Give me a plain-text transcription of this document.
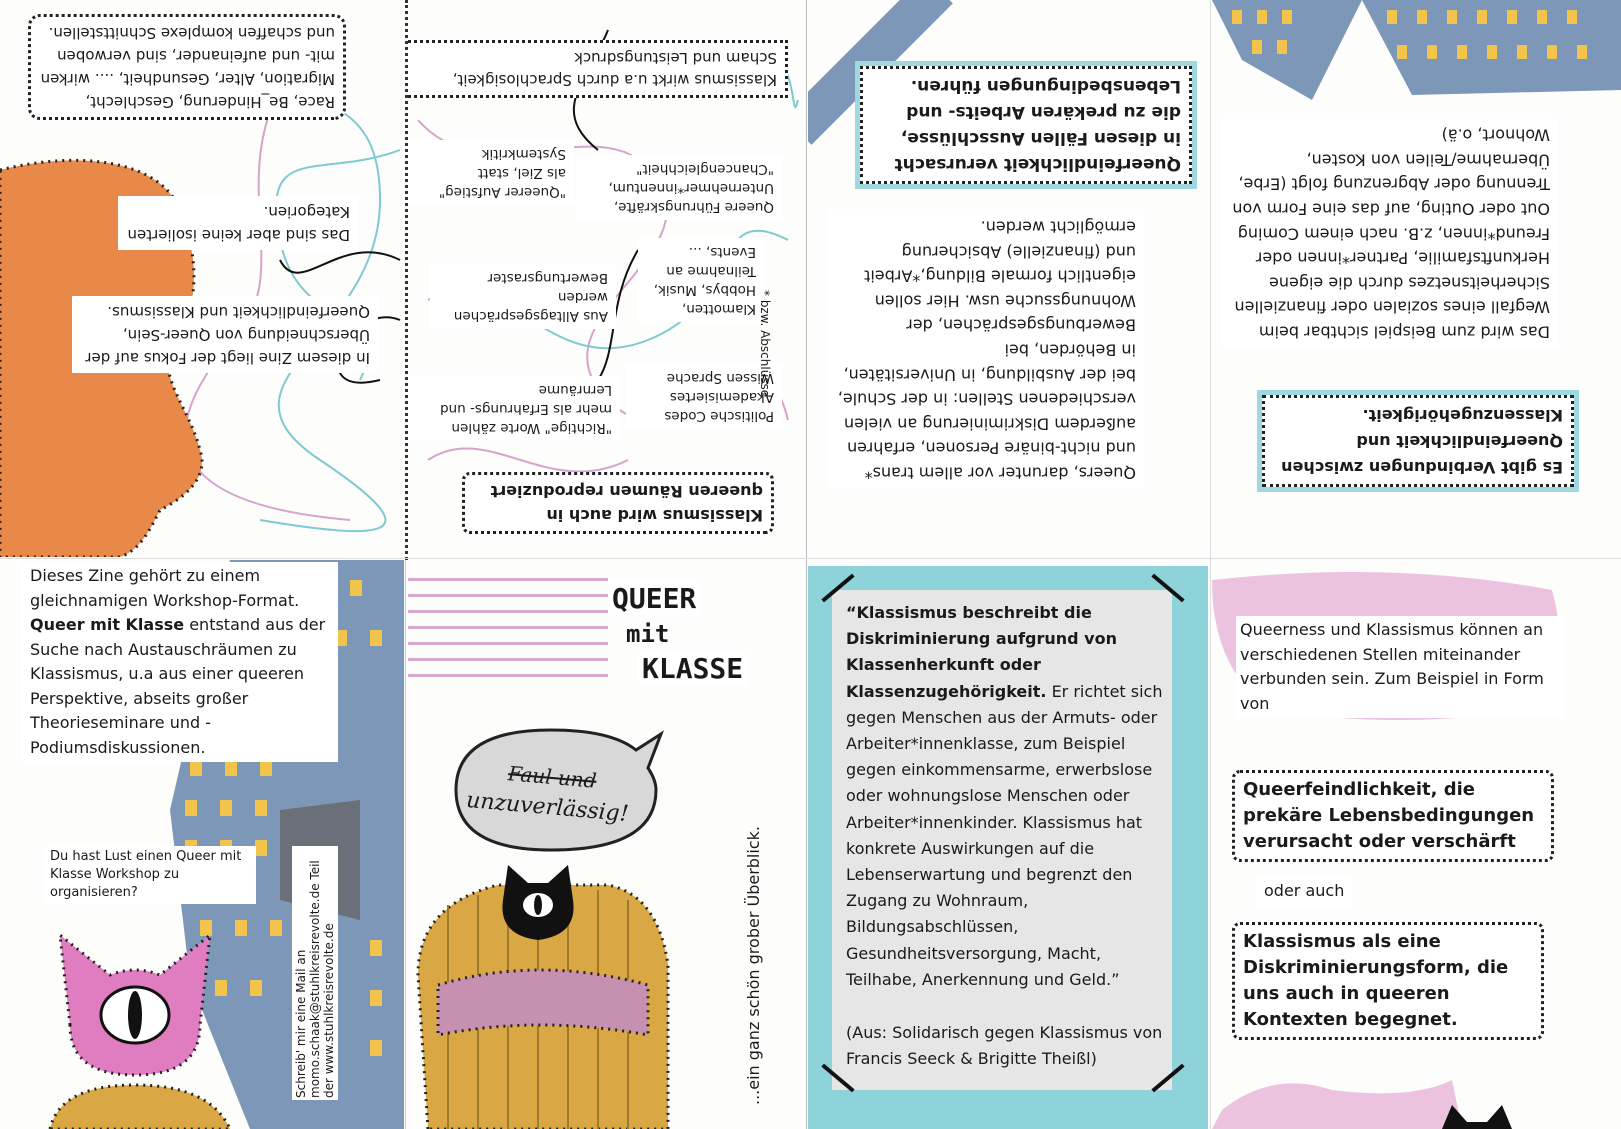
Race, Be_Hinderung, Geschlecht, Migration, Alter, Gesundheit, .... wirken mit- und aufeinander, sind verwoben und schaffen komplexe Schnittstellen.
Das sind aber keine isolierten Kategorien.
In diesem Zine liegt der Fokus auf der Überschneidung von Queer-Sein, Queerfeindlichkeit und Klassismus.
Klassismus wirkt u.a durch Sprachlosigkeit, Scham und Leistungsdruck
Queere Führungskräfte, Unternehmer*innentum, "Chancengleichheit"
"Queerer Aufstieg" als Ziel, statt Systemkritik
Klamotten, Hobbys, Musik, Teilnahme an Events, ...
Aus Alltagsgesprächen werden Bewertungsraster
Politische Codes Akademisiertes Wissen Sprache
"Richtige" Worte zählen mehr als Erfahrungs- und Lernräume
Klassismus wird auch in queeren Räumen reproduziert
Queerfeindlichkeit verursacht in diesen Fällen Ausschlüsse, die zu prekären Arbeits- und Lebensbedingungen führen.
Queers, darunter vor allem trans* und nicht-binäre Personen, erfahren außerdem Diskriminierung an vielen verschiedenen Stellen: in der Schule, bei der Ausbildung, in Universitäten, in Behörden, bei Bewerbungsgesprächen, der Wohnungssuche usw. Hier sollen eigentlich formale Bildung,*Arbeit und (finanzielle) Absicherung ermöglicht werden.
* bzw. Abschlüsse	Das wird zum Beispiel sichtbar beim Wegfall eines sozialen oder finanziellen Sicherheitsnetzes durch die eigene Herkunftsfamilie, Partner*innen oder Freund*innen, z.B. nach einem Coming Out oder Outing, auf das eine Form von Trennung oder Abgrenzung folgt (Erbe, Übernahme/Teilen von Kosten, Wohnort, o.ä)
Es gibt Verbindungen zwischen Queerfeindlichkeit und Klassenzugehörigkeit.
Dieses Zine gehört zu einem gleichnamigen Workshop-Format. Queer mit Klasse entstand aus der Suche nach Austauschräumen zu Klassismus, u.a aus einer queeren Perspektive, abseits großer Theorieseminare und -Podiumsdiskussionen.
Du hast Lust einen Queer mit Klasse Workshop zu organisieren?
Schreib' mir eine Mail an momo.schaak@stuhlkreisrevolte.de Teil der www.stuhlkreisrevolte.de
QUEER
mit
KLASSE
Faul und
unzuverlässig!
...ein ganz schön grober Überblick.
“Klassismus beschreibt die Diskriminierung aufgrund von Klassenherkunft oder Klassenzugehörigkeit. Er richtet sich gegen Menschen aus der Armuts- oder Arbeiter*innenklasse, zum Beispiel gegen einkommensarme, erwerbslose oder wohnungslose Menschen oder Arbeiter*innenkinder. Klassismus hat konkrete Auswirkungen auf die Lebenserwartung und begrenzt den Zugang zu Wohnraum, Bildungsabschlüssen, Gesundheitsversorgung, Macht, Teilhabe, Anerkennung und Geld.”
(Aus: Solidarisch gegen Klassismus von Francis Seeck & Brigitte Theißl)
Queerness und Klassismus können an verschiedenen Stellen miteinander verbunden sein. Zum Beispiel in Form von
Queerfeindlichkeit, die prekäre Lebensbedingungen verursacht oder verschärft
oder auch
Klassismus als eine Diskriminierungsform, die uns auch in queeren Kontexten begegnet.
